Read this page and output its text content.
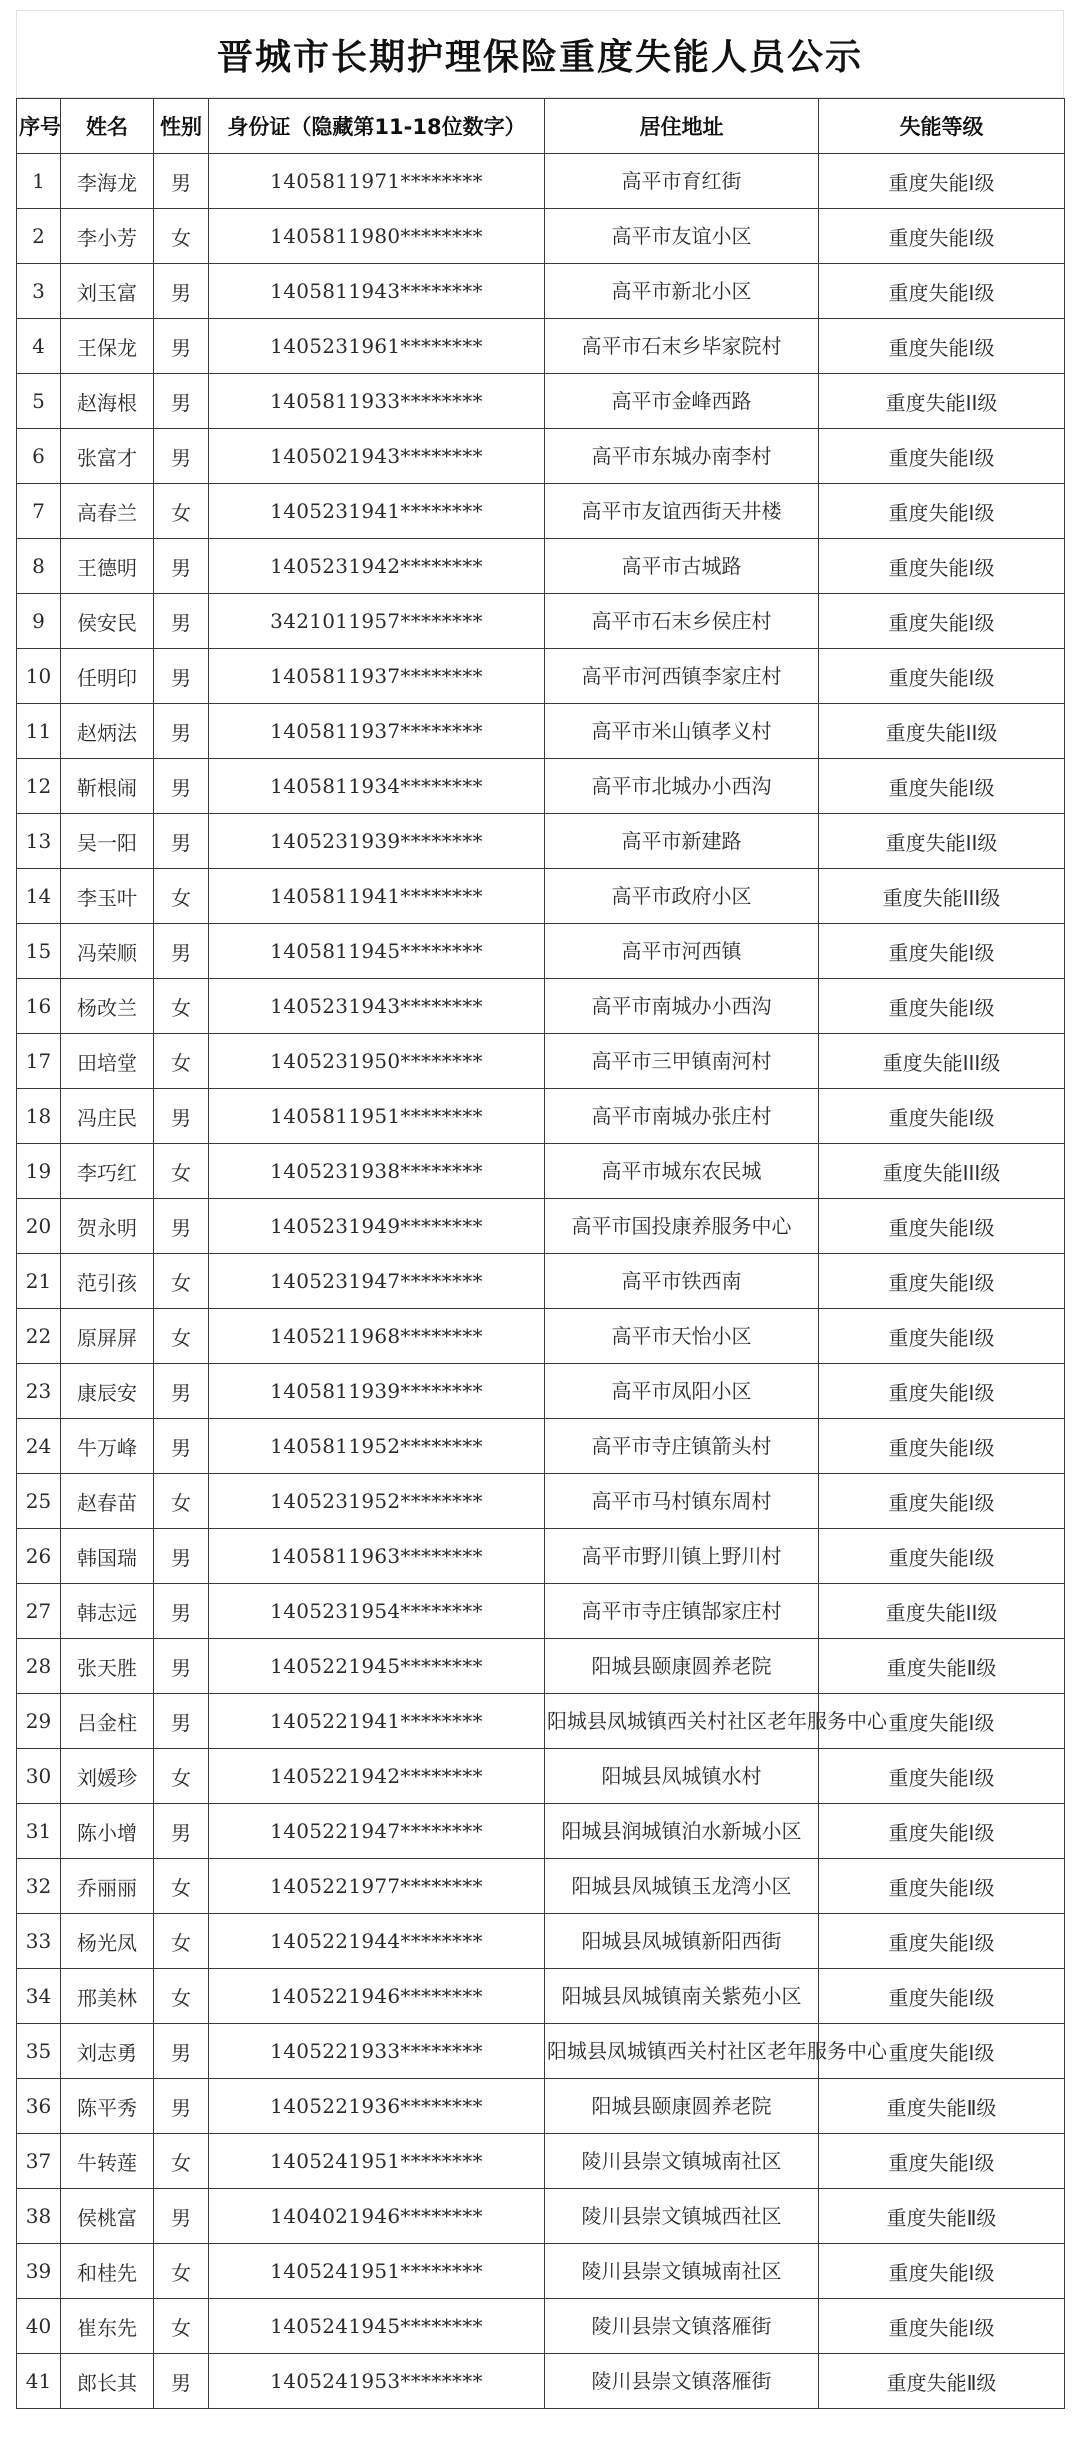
晋城市长期护理保险重度失能人员公示
序号	姓名	性别	身份证（隐藏第11-18位数字）	居住地址	失能等级
1	李海龙	男	1405811971********	高平市育红街	重度失能I级
2	李小芳	女	1405811980********	高平市友谊小区	重度失能I级
3	刘玉富	男	1405811943********	高平市新北小区	重度失能I级
4	王保龙	男	1405231961********	高平市石末乡毕家院村	重度失能I级
5	赵海根	男	1405811933********	高平市金峰西路	重度失能II级
6	张富才	男	1405021943********	高平市东城办南李村	重度失能I级
7	高春兰	女	1405231941********	高平市友谊西街天井楼	重度失能I级
8	王德明	男	1405231942********	高平市古城路	重度失能I级
9	侯安民	男	3421011957********	高平市石末乡侯庄村	重度失能I级
10	任明印	男	1405811937********	高平市河西镇李家庄村	重度失能I级
11	赵炳法	男	1405811937********	高平市米山镇孝义村	重度失能II级
12	靳根闹	男	1405811934********	高平市北城办小西沟	重度失能I级
13	吴一阳	男	1405231939********	高平市新建路	重度失能II级
14	李玉叶	女	1405811941********	高平市政府小区	重度失能III级
15	冯荣顺	男	1405811945********	高平市河西镇	重度失能I级
16	杨改兰	女	1405231943********	高平市南城办小西沟	重度失能I级
17	田培堂	女	1405231950********	高平市三甲镇南河村	重度失能III级
18	冯庄民	男	1405811951********	高平市南城办张庄村	重度失能I级
19	李巧红	女	1405231938********	高平市城东农民城	重度失能III级
20	贺永明	男	1405231949********	高平市国投康养服务中心	重度失能I级
21	范引孩	女	1405231947********	高平市铁西南	重度失能I级
22	原屏屏	女	1405211968********	高平市天怡小区	重度失能I级
23	康辰安	男	1405811939********	高平市凤阳小区	重度失能I级
24	牛万峰	男	1405811952********	高平市寺庄镇箭头村	重度失能I级
25	赵春苗	女	1405231952********	高平市马村镇东周村	重度失能I级
26	韩国瑞	男	1405811963********	高平市野川镇上野川村	重度失能I级
27	韩志远	男	1405231954********	高平市寺庄镇郜家庄村	重度失能II级
28	张天胜	男	1405221945********	阳城县颐康圆养老院	重度失能Ⅱ级
29	吕金柱	男	1405221941********	阳城县凤城镇西关村社区老年服务中心	重度失能Ⅰ级
30	刘媛珍	女	1405221942********	阳城县凤城镇水村	重度失能Ⅰ级
31	陈小增	男	1405221947********	阳城县润城镇泊水新城小区	重度失能Ⅰ级
32	乔丽丽	女	1405221977********	阳城县凤城镇玉龙湾小区	重度失能Ⅰ级
33	杨光凤	女	1405221944********	阳城县凤城镇新阳西街	重度失能Ⅰ级
34	邢美林	女	1405221946********	阳城县凤城镇南关紫苑小区	重度失能Ⅰ级
35	刘志勇	男	1405221933********	阳城县凤城镇西关村社区老年服务中心	重度失能Ⅰ级
36	陈平秀	男	1405221936********	阳城县颐康圆养老院	重度失能Ⅱ级
37	牛转莲	女	1405241951********	陵川县崇文镇城南社区	重度失能Ⅰ级
38	侯桃富	男	1404021946********	陵川县崇文镇城西社区	重度失能Ⅱ级
39	和桂先	女	1405241951********	陵川县崇文镇城南社区	重度失能Ⅰ级
40	崔东先	女	1405241945********	陵川县崇文镇落雁街	重度失能Ⅰ级
41	郎长其	男	1405241953********	陵川县崇文镇落雁街	重度失能Ⅱ级
